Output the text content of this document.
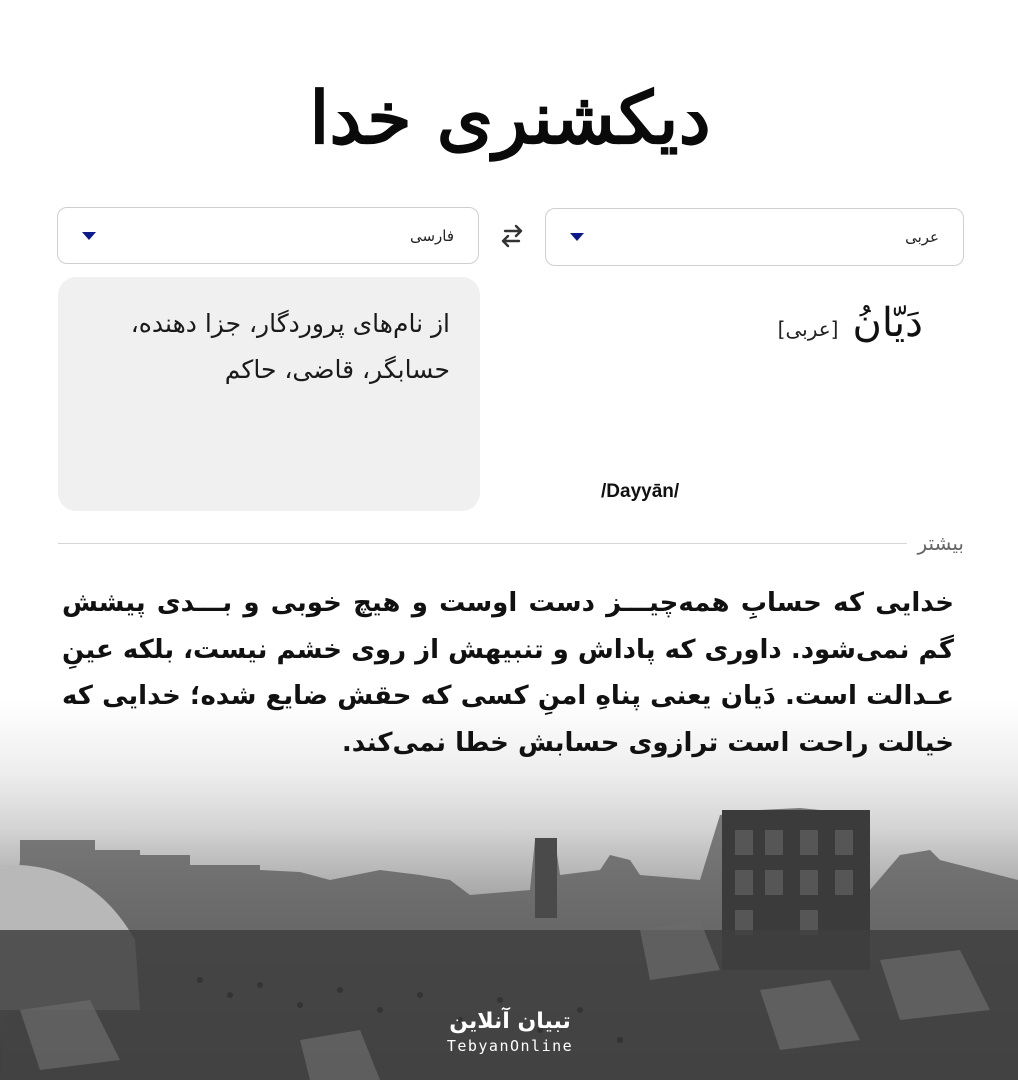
دیکشنری خدا
عربی
فارسی
دَیّانُ
[عربی]
از نام‌های پروردگار، جزا دهنده، حسابگر، قاضی، حاکم
/Dayyān/
بیشتر
خدایی که حسابِ همه‌چیـــز دست اوست و هیچ خوبی و بـــدی پیشش گم نمی‌شود. داوری که پاداش و تنبیهش از روی خشم نیست، بلکه عینِ عـدالت است. دَیان یعنی پناهِ امنِ کسی که حقش ضایع شده؛ خدایی که خیالت راحت است ترازوی حسابش خطا نمی‌کند.
تبیان آنلاین
TebyanOnline
